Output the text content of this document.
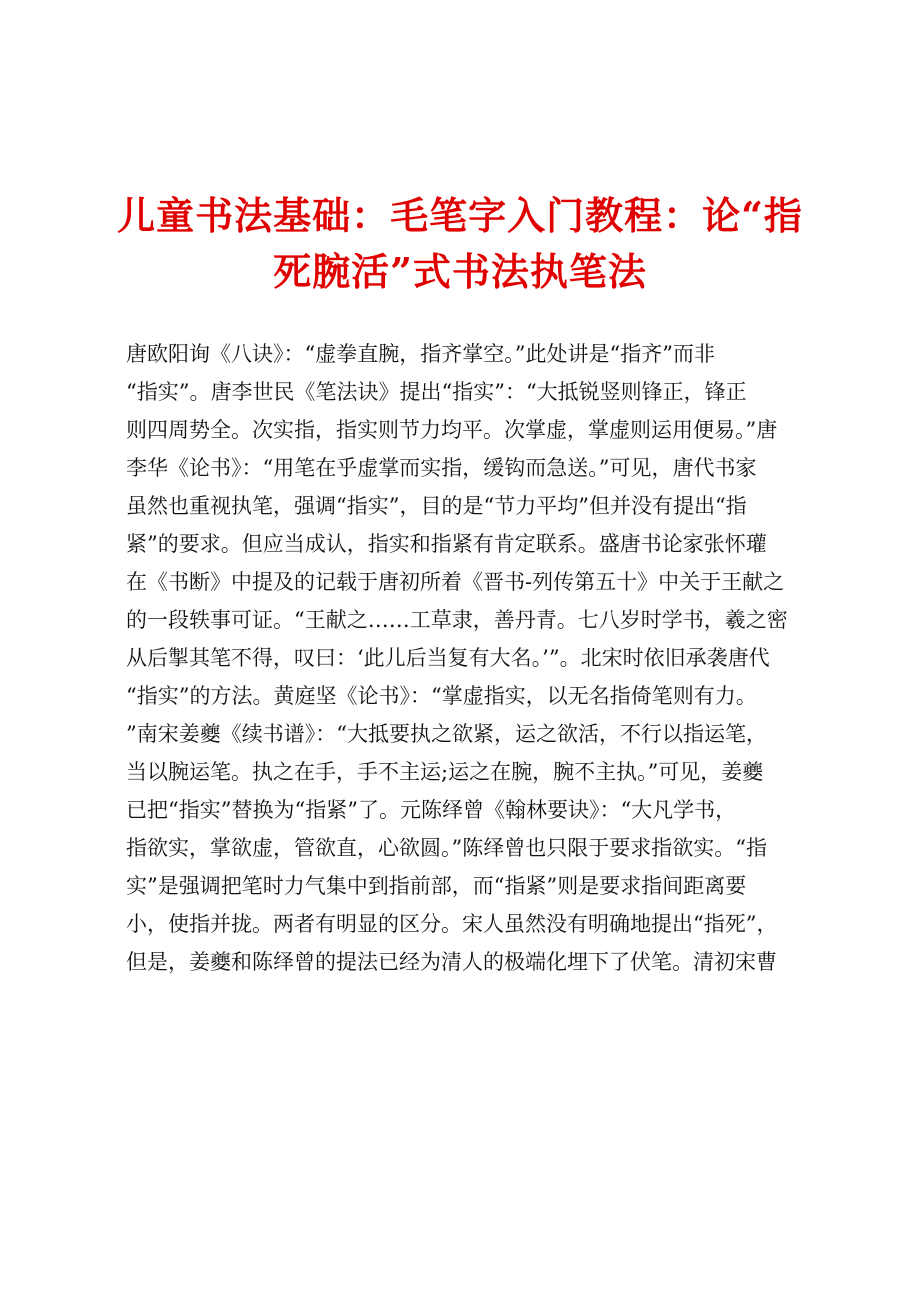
儿童书法基础：毛笔字入门教程：论“指死腕活”式书法执笔法
唐欧阳询《八诀》：“虚拳直腕，指齐掌空。”此处讲是“指齐”而非
“指实”。唐李世民《笔法诀》提出“指实”：“大抵锐竖则锋正，锋正
则四周势全。次实指，指实则节力均平。次掌虚，掌虚则运用便易。”唐
李华《论书》：“用笔在乎虚掌而实指，缓钩而急送。”可见，唐代书家
虽然也重视执笔，强调“指实”，目的是“节力平均”但并没有提出“指
紧”的要求。但应当成认，指实和指紧有肯定联系。盛唐书论家张怀瓘
在《书断》中提及的记载于唐初所着《晋书-列传第五十》中关于王献之
的一段轶事可证。“王献之……工草隶，善丹青。七八岁时学书，羲之密
从后掣其笔不得，叹曰：‘此儿后当复有大名。’”。北宋时依旧承袭唐代
“指实”的方法。黄庭坚《论书》：“掌虚指实，以无名指倚笔则有力。
”南宋姜夔《续书谱》：“大抵要执之欲紧，运之欲活，不行以指运笔，
当以腕运笔。执之在手，手不主运;运之在腕，腕不主执。”可见，姜夔
已把“指实”替换为“指紧”了。元陈绎曾《翰林要诀》：“大凡学书，
指欲实，掌欲虚，管欲直，心欲圆。”陈绎曾也只限于要求指欲实。“指
实”是强调把笔时力气集中到指前部，而“指紧”则是要求指间距离要
小，使指并拢。两者有明显的区分。宋人虽然没有明确地提出“指死”，
但是，姜夔和陈绎曾的提法已经为清人的极端化埋下了伏笔。清初宋曹
